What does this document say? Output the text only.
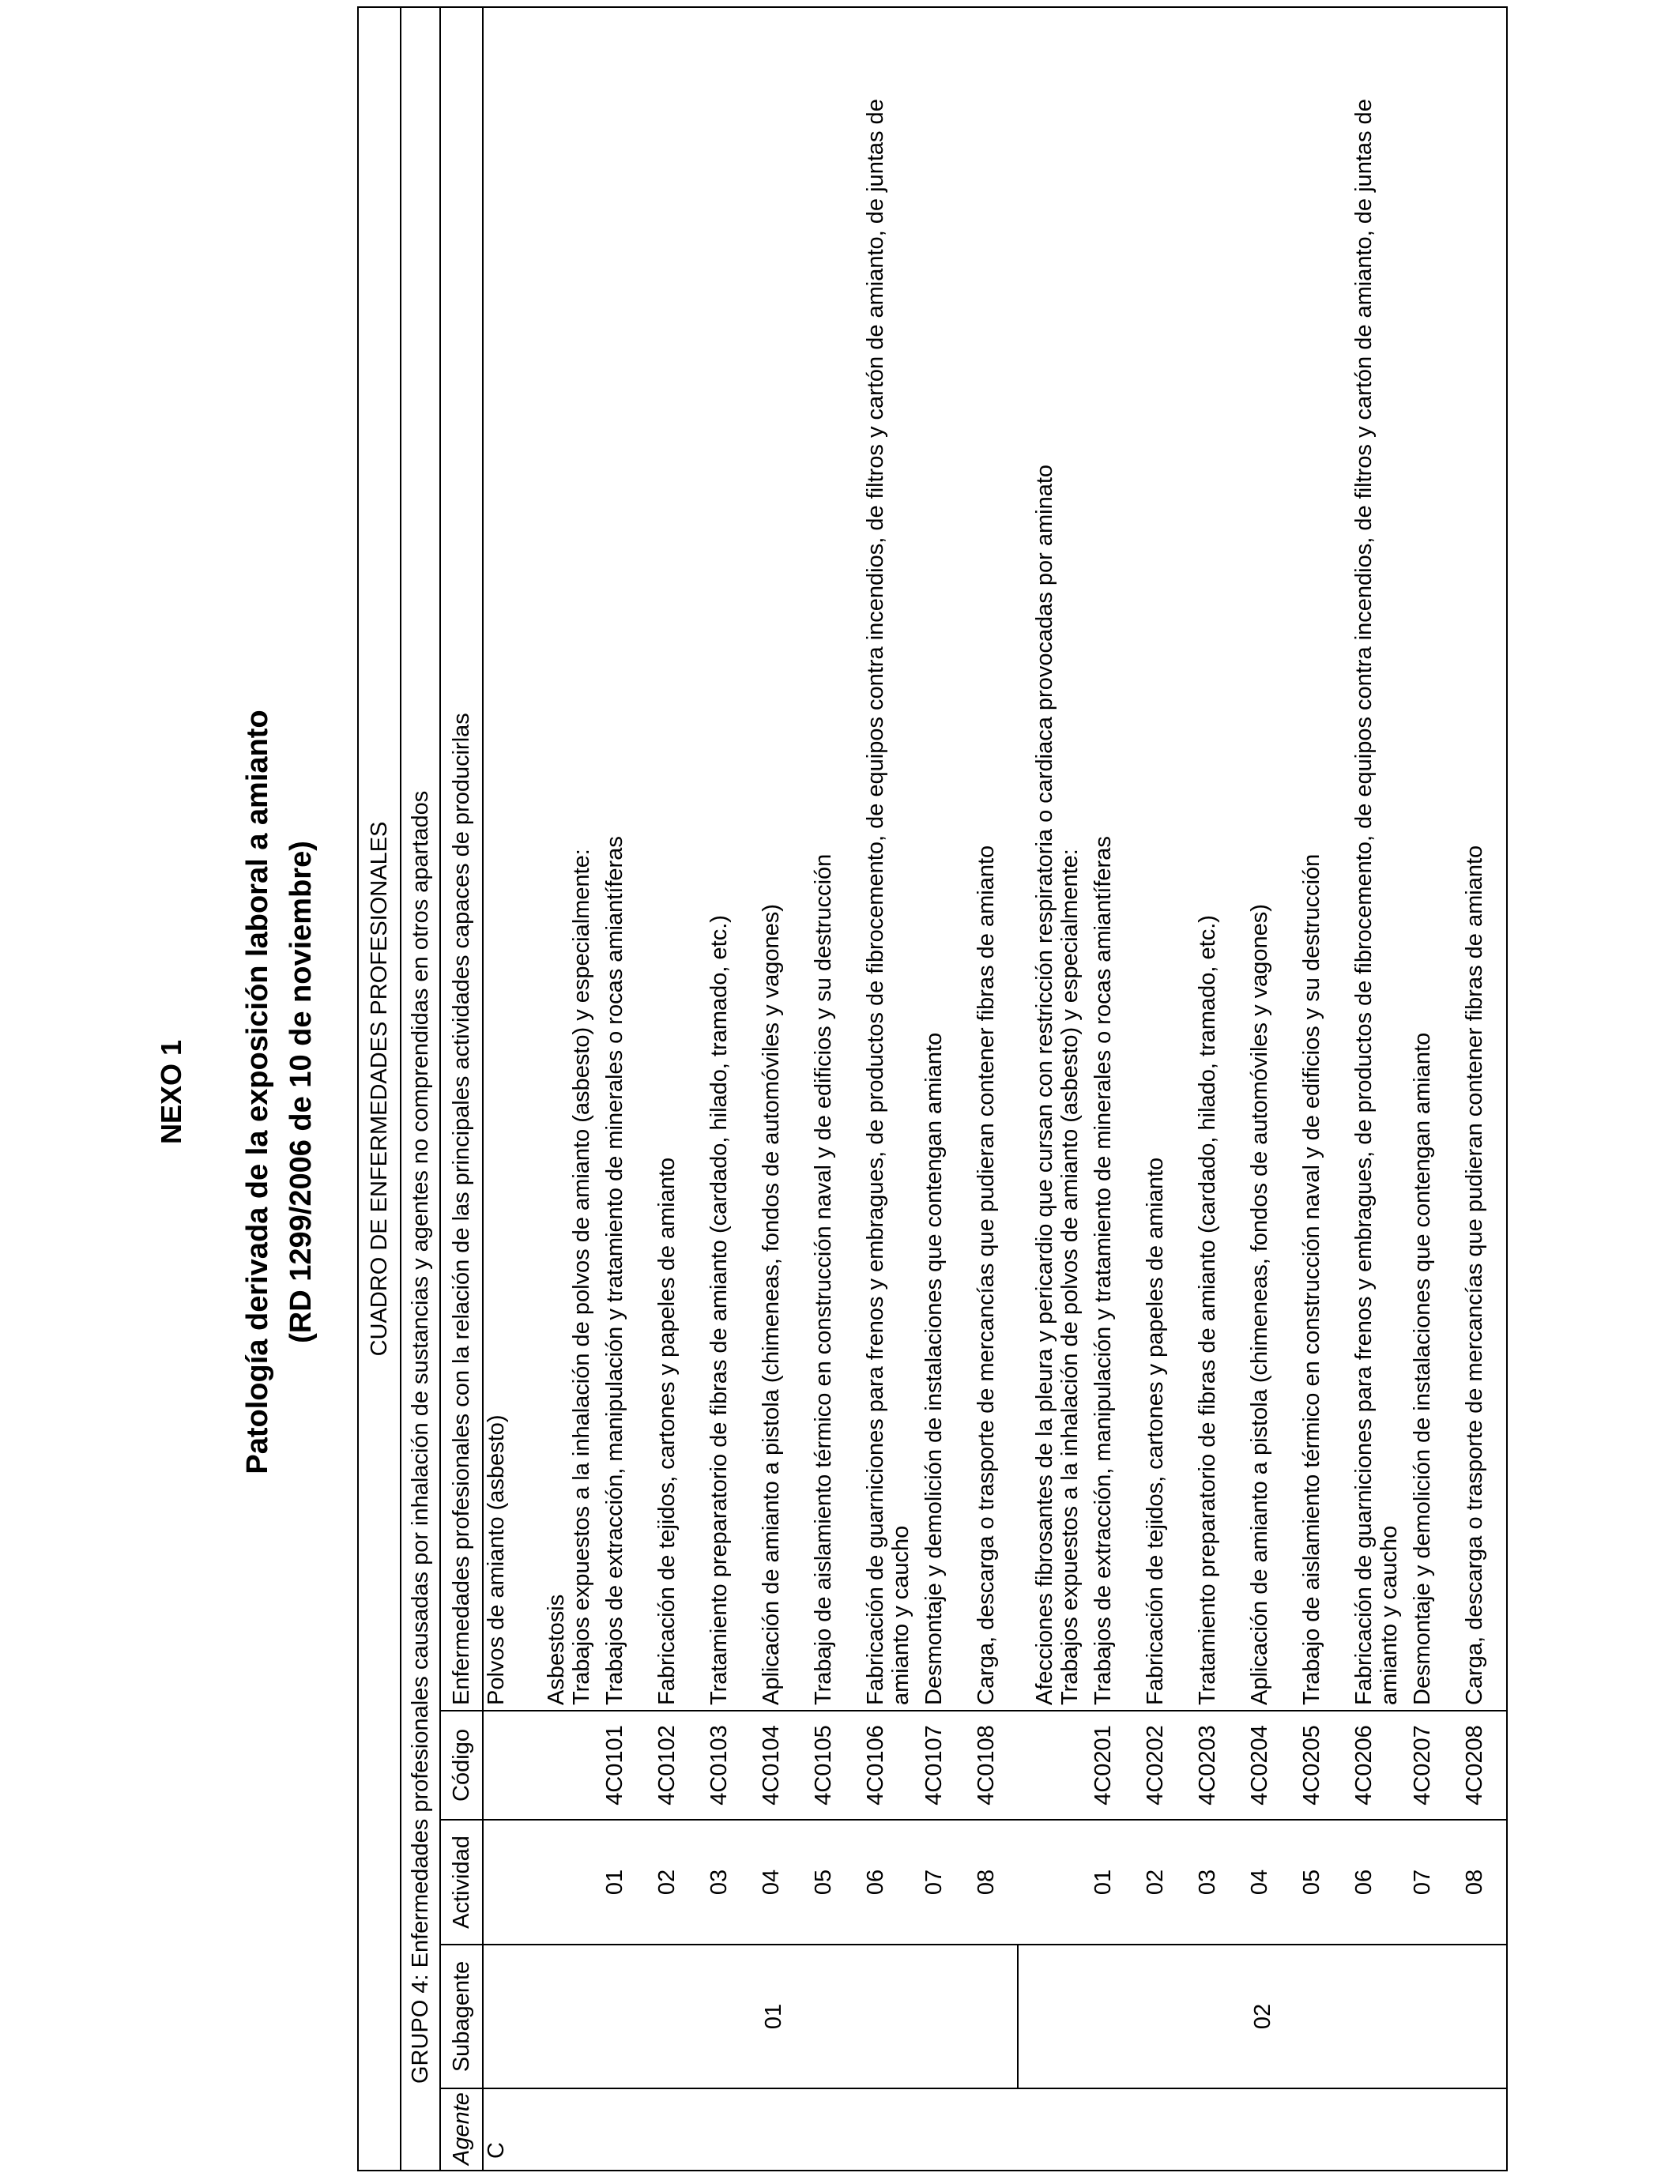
NEXO 1 Patología derivada de la exposición laboral a amianto (RD 1299/2006 de 10 de noviembre) CUADRO DE ENFERMEDADES PROFESIONALES				
	GRUPO 4: Enfermedades profesionales causadas por inhalación de sustancias y agentes no comprendidas en otros apartados			
Agente	Subagente	Actividad	Código	Enfermedades profesionales con la relación de las principales actividades capaces de producirlas
C				Polvos de amianto (asbesto)
	01			Asbestosis
				Trabajos expuestos a la inhalación de polvos de amianto (asbesto) y especialmente:
		01	4C0101	Trabajos de extracción, manipulación y tratamiento de minerales o rocas amiantíferas
		02	4C0102	Fabricación de tejidos, cartones y papeles de amianto
		03	4C0103	Tratamiento preparatorio de fibras de amianto (cardado, hilado, tramado, etc.)
		04	4C0104	Aplicación de amianto a pistola (chimeneas, fondos de automóviles y vagones)
		05	4C0105	Trabajo de aislamiento térmico en construcción naval y de edificios y su destrucción
		06	4C0106	Fabricación de guarniciones para frenos y embragues, de productos de fibrocemento, de equipos contra incendios, de filtros y cartón de amianto, de juntas de amianto y caucho
		07	4C0107	Desmontaje y demolición de instalaciones que contengan amianto
		08	4C0108	Carga, descarga o trasporte de mercancías que pudieran contener fibras de amianto
	02			Afecciones fibrosantes de la pleura y pericardio que cursan con restricción respiratoria o cardiaca provocadas por aminato
				Trabajos expuestos a la inhalación de polvos de amianto (asbesto) y especialmente:
		01	4C0201	Trabajos de extracción, manipulación y tratamiento de minerales o rocas amiantíferas
		02	4C0202	Fabricación de tejidos, cartones y papeles de amianto
		03	4C0203	Tratamiento preparatorio de fibras de amianto (cardado, hilado, tramado, etc.)
		04	4C0204	Aplicación de amianto a pistola (chimeneas, fondos de automóviles y vagones)
		05	4C0205	Trabajo de aislamiento térmico en construcción naval y de edificios y su destrucción
		06	4C0206	Fabricación de guarniciones para frenos y embragues, de productos de fibrocemento, de equipos contra incendios, de filtros y cartón de amianto, de juntas de amianto y caucho
		07	4C0207	Desmontaje y demolición de instalaciones que contengan amianto
		08	4C0208	Carga, descarga o trasporte de mercancías que pudieran contener fibras de amianto
